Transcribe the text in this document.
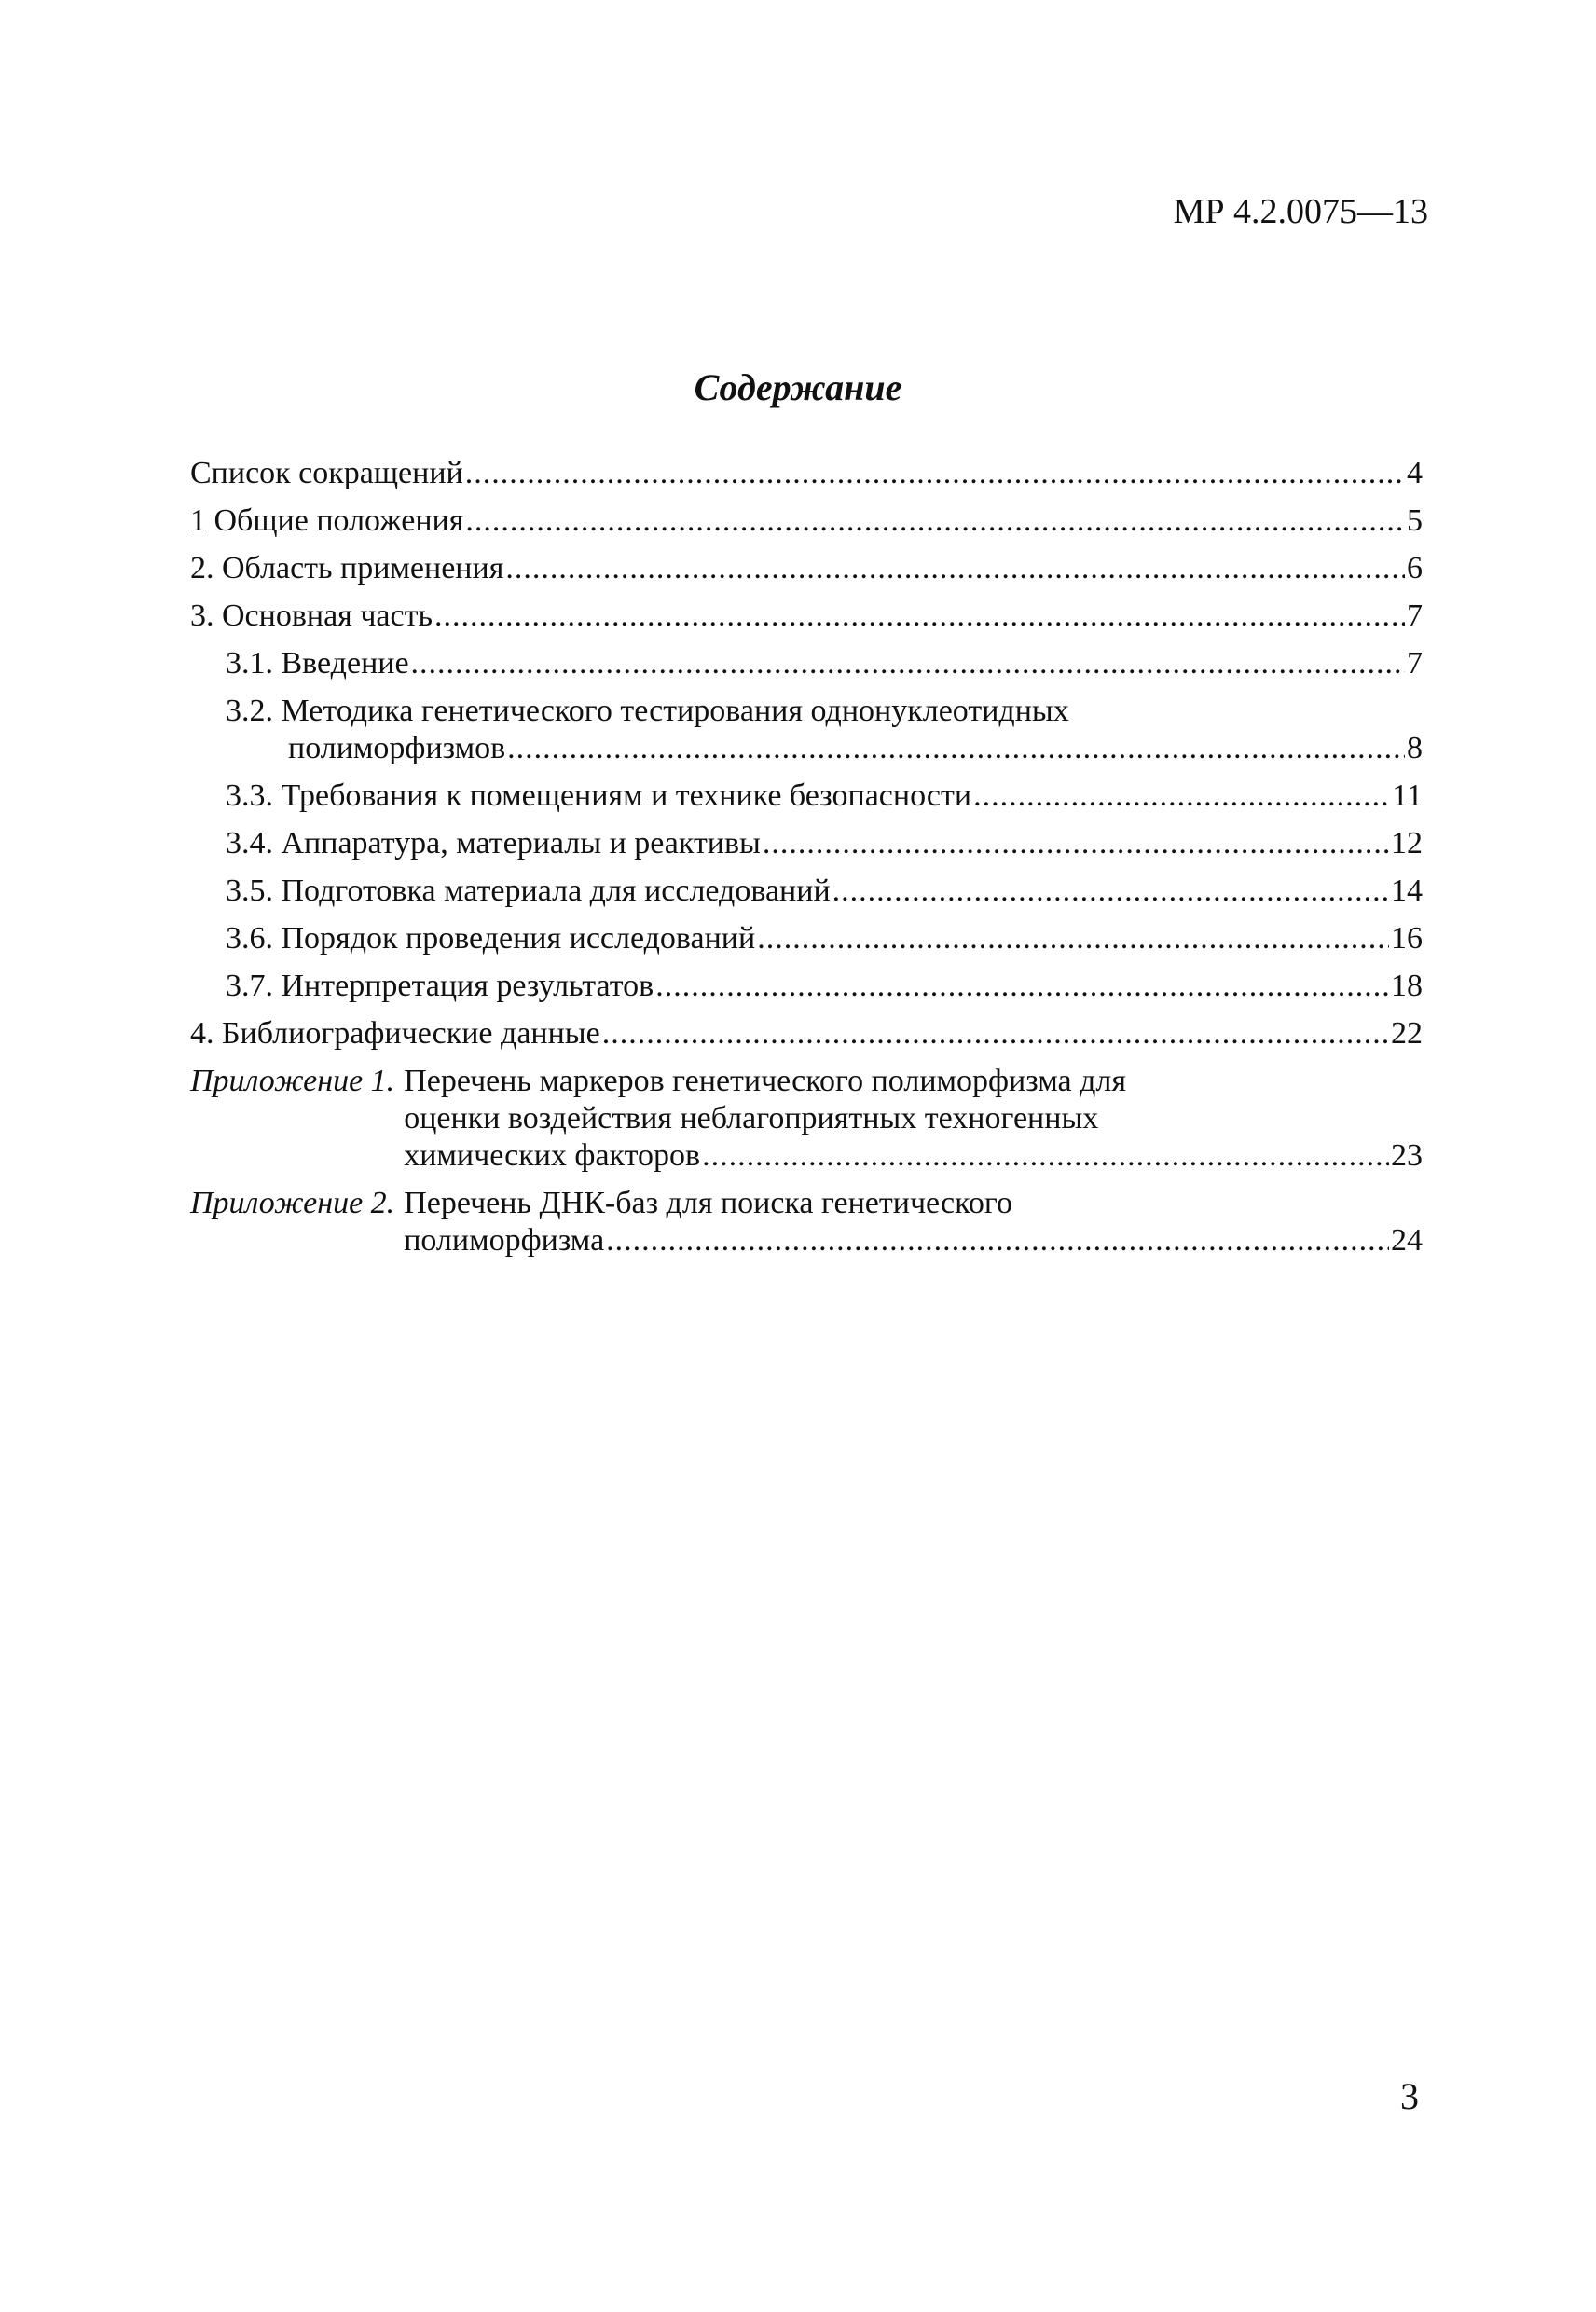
МР 4.2.0075—13
Содержание
Список сокращений .....	4
1 Общие положения .....	5
2. Область применения .....	6
3. Основная часть .....	7
3.1. Введение .....	7
3.2. Методика генетического тестирования однонуклеотидных
полиморфизмов .....	8
3.3. Требования к помещениям и технике безопасности .....	11
3.4. Аппаратура, материалы и реактивы .....	12
3.5. Подготовка материала для исследований .....	14
3.6. Порядок проведения исследований .....	16
3.7. Интерпретация результатов .....	18
4. Библиографические данные .....	22
Приложение 1. Перечень маркеров генетического полиморфизма для
оценки воздействия неблагоприятных техногенных
химических факторов .....	23
Приложение 2. Перечень ДНК-баз для поиска генетического
полиморфизма .....	24
3
